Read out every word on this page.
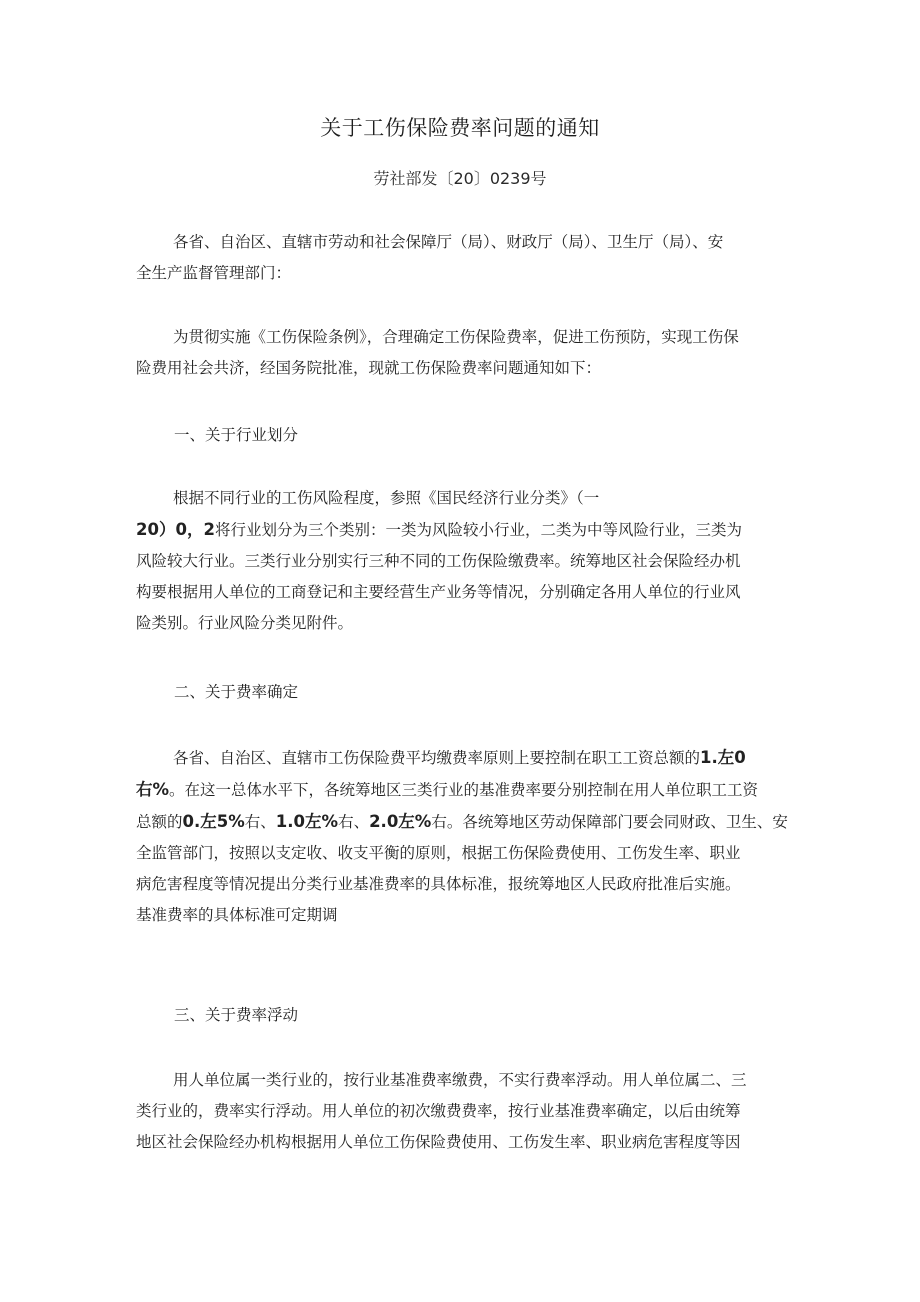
关于工伤保险费率问题的通知
劳社部发〔20〕0239号
各省、自治区、直辖市劳动和社会保障厅（局）、财政厅（局）、卫生厅（局）、安
全生产监督管理部门：
为贯彻实施《工伤保险条例》，合理确定工伤保险费率，促进工伤预防，实现工伤保
险费用社会共济，经国务院批准，现就工伤保险费率问题通知如下：
一、关于行业划分
根据不同行业的工伤风险程度，参照《国民经济行业分类》（一
20）0，2将行业划分为三个类别：一类为风险较小行业，二类为中等风险行业，三类为
风险较大行业。三类行业分别实行三种不同的工伤保险缴费率。统筹地区社会保险经办机
构要根据用人单位的工商登记和主要经营生产业务等情况，分别确定各用人单位的行业风
险类别。行业风险分类见附件。
二、关于费率确定
各省、自治区、直辖市工伤保险费平均缴费率原则上要控制在职工工资总额的1.左0
右%。在这一总体水平下，各统筹地区三类行业的基准费率要分别控制在用人单位职工工资
总额的0.左5%右、1.0左%右、2.0左%右。各统筹地区劳动保障部门要会同财政、卫生、安
全监管部门，按照以支定收、收支平衡的原则，根据工伤保险费使用、工伤发生率、职业
病危害程度等情况提出分类行业基准费率的具体标准，报统筹地区人民政府批准后实施。
基准费率的具体标准可定期调
三、关于费率浮动
用人单位属一类行业的，按行业基准费率缴费，不实行费率浮动。用人单位属二、三
类行业的，费率实行浮动。用人单位的初次缴费费率，按行业基准费率确定，以后由统筹
地区社会保险经办机构根据用人单位工伤保险费使用、工伤发生率、职业病危害程度等因
